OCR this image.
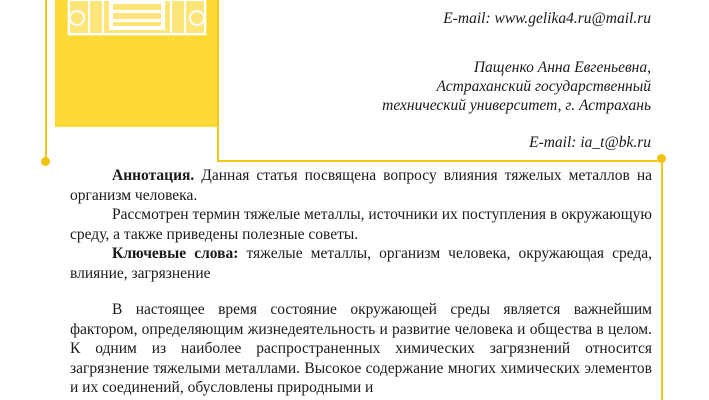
E-mail: www.gelika4.ru@mail.ru
Пащенко Анна Евгеньевна,
Астраханский государственный
технический университет, г. Астрахань
E-mail: ia_t@bk.ru

Аннотация. Данная статья посвящена вопросу влияния тяжелых металлов на организм человека.

Рассмотрен термин тяжелые металлы, источники их поступления в окружающую среду, а также приведены полезные советы.

Ключевые слова: тяжелые металлы, организм человека, окружающая среда, влияние, загрязнение

В настоящее время состояние окружающей среды является важнейшим фактором, определяющим жизнедеятельность и развитие человека и общества в целом. К одним из наиболее распространенных химических загрязнений относится загрязнение тяжелыми металлами. Высокое содержание многих химических элементов и их соединений, обусловлены природными и
